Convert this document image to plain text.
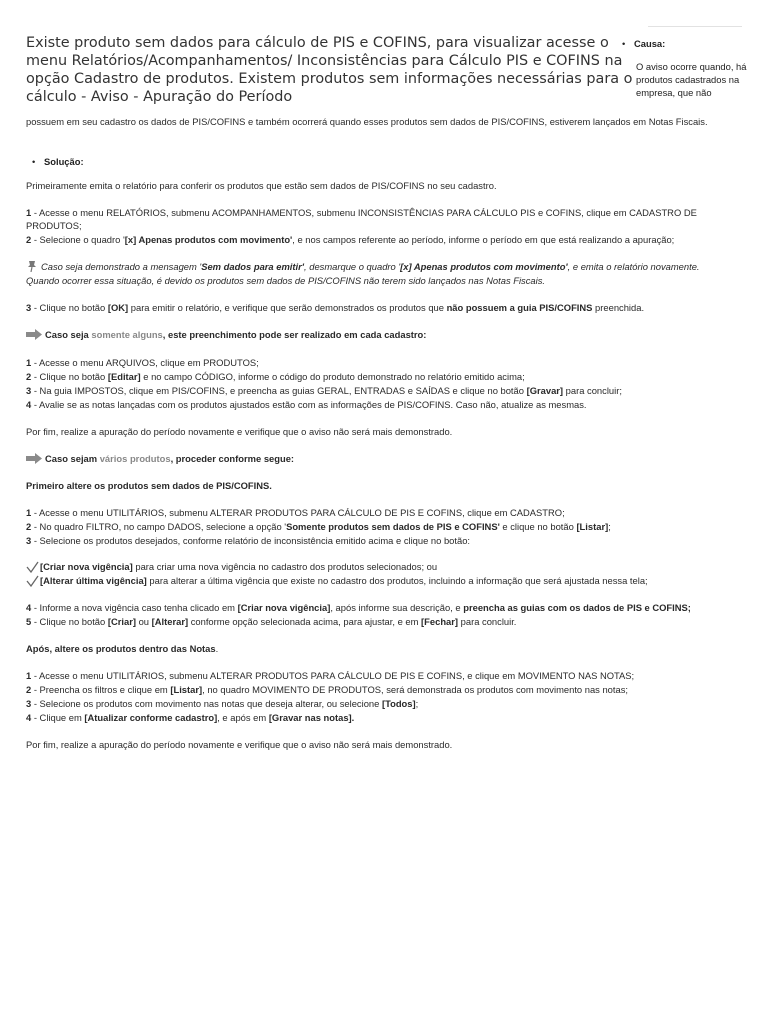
Existe produto sem dados para cálculo de PIS e COFINS, para visualizar acesse o menu Relatórios/Acompanhamentos/ Inconsistências para Cálculo PIS e COFINS na opção Cadastro de produtos. Existem produtos sem informações necessárias para o cálculo - Aviso - Apuração do Período
• Causa:
O aviso ocorre quando, há produtos cadastrados na empresa, que não
possuem em seu cadastro os dados de PIS/COFINS e também ocorrerá quando esses produtos sem dados de PIS/COFINS, estiverem lançados em Notas Fiscais.
• Solução:
Primeiramente emita o relatório para conferir os produtos que estão sem dados de PIS/COFINS no seu cadastro.
1 - Acesse o menu RELATÓRIOS, submenu ACOMPANHAMENTOS, submenu INCONSISTÊNCIAS PARA CÁLCULO PIS e COFINS, clique em CADASTRO DE PRODUTOS;
2 - Selecione o quadro '[x] Apenas produtos com movimento', e nos campos referente ao período, informe o período em que está realizando a apuração;
Caso seja demonstrado a mensagem 'Sem dados para emitir', desmarque o quadro '[x] Apenas produtos com movimento', e emita o relatório novamente.
Quando ocorrer essa situação, é devido os produtos sem dados de PIS/COFINS não terem sido lançados nas Notas Fiscais.
3 - Clique no botão [OK] para emitir o relatório, e verifique que serão demonstrados os produtos que não possuem a guia PIS/COFINS preenchida.
Caso seja somente alguns, este preenchimento pode ser realizado em cada cadastro:
1 - Acesse o menu ARQUIVOS, clique em PRODUTOS;
2 - Clique no botão [Editar] e no campo CÓDIGO, informe o código do produto demonstrado no relatório emitido acima;
3 - Na guia IMPOSTOS, clique em PIS/COFINS, e preencha as guias GERAL, ENTRADAS e SAÍDAS e clique no botão [Gravar] para concluir;
4 - Avalie se as notas lançadas com os produtos ajustados estão com as informações de PIS/COFINS. Caso não, atualize as mesmas.
Por fim, realize a apuração do período novamente e verifique que o aviso não será mais demonstrado.
Caso sejam vários produtos, proceder conforme segue:
Primeiro altere os produtos sem dados de PIS/COFINS.
1 - Acesse o menu UTILITÁRIOS, submenu ALTERAR PRODUTOS PARA CÁLCULO DE PIS E COFINS, clique em CADASTRO;
2 - No quadro FILTRO, no campo DADOS, selecione a opção 'Somente produtos sem dados de PIS e COFINS' e clique no botão [Listar];
3 - Selecione os produtos desejados, conforme relatório de inconsistência emitido acima e clique no botão:
[Criar nova vigência] para criar uma nova vigência no cadastro dos produtos selecionados; ou
[Alterar última vigência] para alterar a última vigência que existe no cadastro dos produtos, incluindo a informação que será ajustada nessa tela;
4 - Informe a nova vigência caso tenha clicado em [Criar nova vigência], após informe sua descrição, e preencha as guias com os dados de PIS e COFINS;
5 - Clique no botão [Criar] ou [Alterar] conforme opção selecionada acima, para ajustar, e em [Fechar] para concluir.
Após, altere os produtos dentro das Notas.
1 - Acesse o menu UTILITÁRIOS, submenu ALTERAR PRODUTOS PARA CÁLCULO DE PIS E COFINS, e clique em MOVIMENTO NAS NOTAS;
2 - Preencha os filtros e clique em [Listar], no quadro MOVIMENTO DE PRODUTOS, será demonstrada os produtos com movimento nas notas;
3 - Selecione os produtos com movimento nas notas que deseja alterar, ou selecione [Todos];
4 - Clique em [Atualizar conforme cadastro], e após em [Gravar nas notas].
Por fim, realize a apuração do período novamente e verifique que o aviso não será mais demonstrado.
